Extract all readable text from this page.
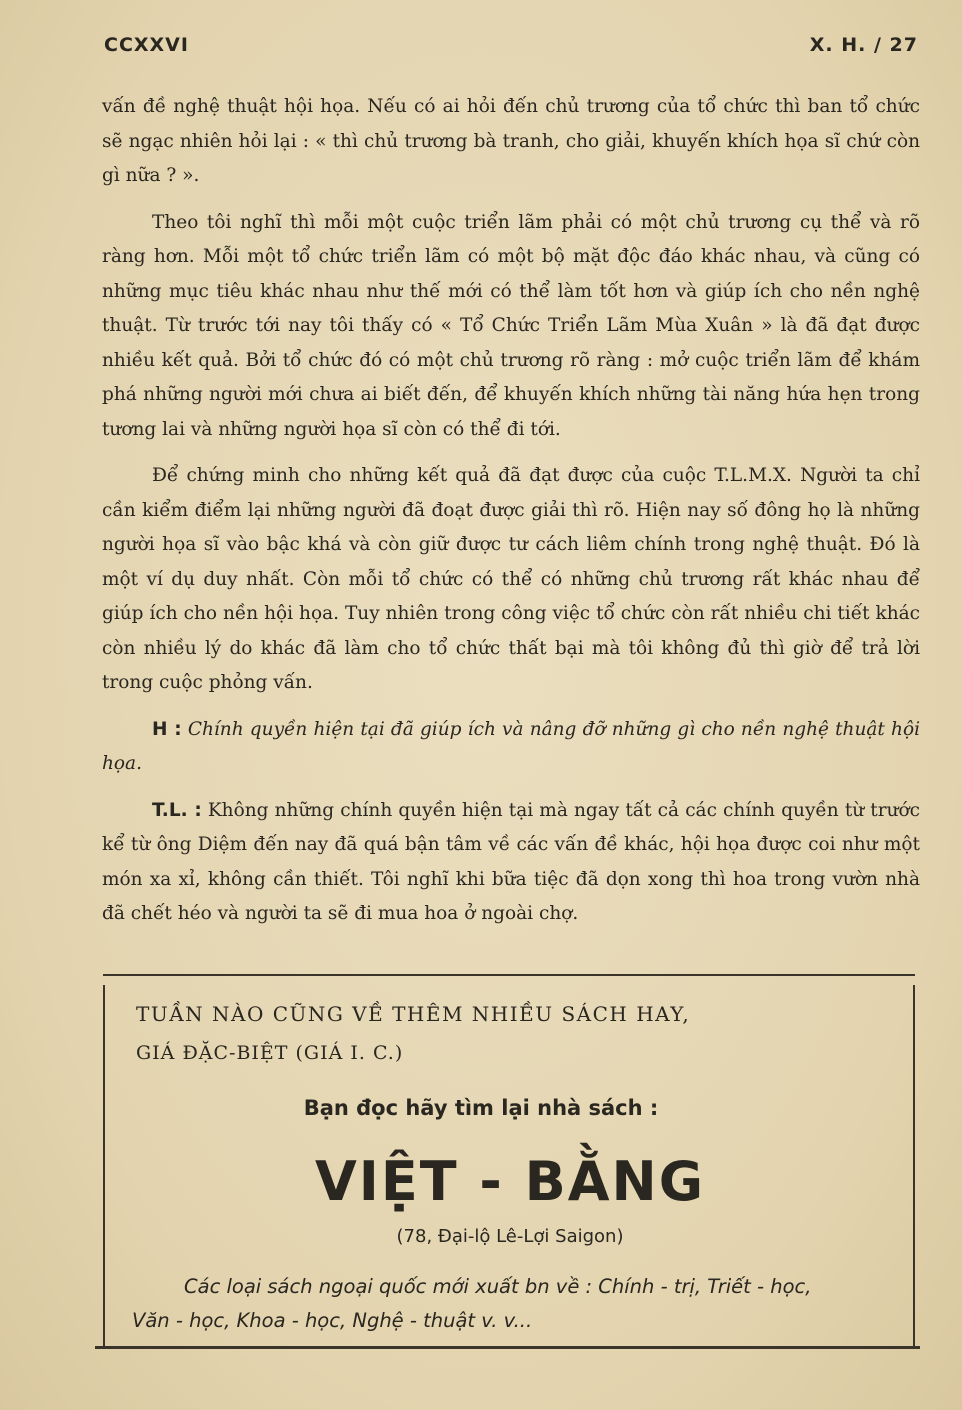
CCXXVI	X. H. / 27

vấn đề nghệ thuật hội họa. Nếu có ai hỏi đến chủ trương của tổ chức thì ban tổ chức sẽ ngạc nhiên hỏi lại : « thì chủ trương bà tranh, cho giải, khuyến khích họa sĩ chứ còn gì nữa ? ».

Theo tôi nghĩ thì mỗi một cuộc triển lãm phải có một chủ trương cụ thể và rõ ràng hơn. Mỗi một tổ chức triển lãm có một bộ mặt độc đáo khác nhau, và cũng có những mục tiêu khác nhau như thế mới có thể làm tốt hơn và giúp ích cho nền nghệ thuật. Từ trước tới nay tôi thấy có « Tổ Chức Triển Lãm Mùa Xuân » là đã đạt được nhiều kết quả. Bởi tổ chức đó có một chủ trương rõ ràng : mở cuộc triển lãm để khám phá những người mới chưa ai biết đến, để khuyến khích những tài năng hứa hẹn trong tương lai và những người họa sĩ còn có thể đi tới.

Để chứng minh cho những kết quả đã đạt được của cuộc T.L.M.X. Người ta chỉ cần kiểm điểm lại những người đã đoạt được giải thì rõ. Hiện nay số đông họ là những người họa sĩ vào bậc khá và còn giữ được tư cách liêm chính trong nghệ thuật. Đó là một ví dụ duy nhất. Còn mỗi tổ chức có thể có những chủ trương rất khác nhau để giúp ích cho nền hội họa. Tuy nhiên trong công việc tổ chức còn rất nhiều chi tiết khác còn nhiều lý do khác đã làm cho tổ chức thất bại mà tôi không đủ thì giờ để trả lời trong cuộc phỏng vấn.

H : Chính quyền hiện tại đã giúp ích và nâng đỡ những gì cho nền nghệ thuật hội họa.

T.L. : Không những chính quyền hiện tại mà ngay tất cả các chính quyền từ trước kể từ ông Diệm đến nay đã quá bận tâm về các vấn đề khác, hội họa được coi như một món xa xỉ, không cần thiết. Tôi nghĩ khi bữa tiệc đã dọn xong thì hoa trong vườn nhà đã chết héo và người ta sẽ đi mua hoa ở ngoài chợ.

TUẦN NÀO CŨNG VỀ THÊM NHIỀU SÁCH HAY,
GIÁ ĐẶC-BIỆT (GIÁ I. C.)
Bạn đọc hãy tìm lại nhà sách :
VIỆT - BẰNG
(78, Đại-lộ Lê-Lợi Saigon)
Các loại sách ngoại quốc mới xuất bn về : Chính - trị, Triết - học,
Văn - học, Khoa - học, Nghệ - thuật v. v...
